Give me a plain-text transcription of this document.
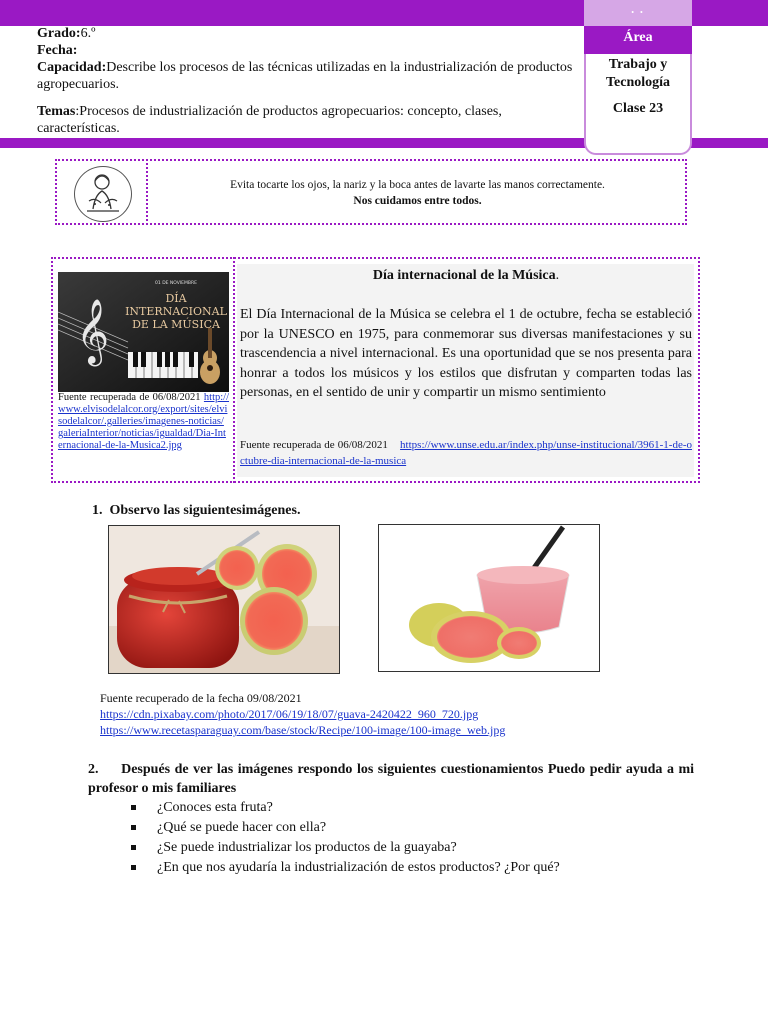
• •
Área
Trabajo y
Tecnología
Clase 23
Grado:6.º
Fecha:
Capacidad:Describe los procesos de las técnicas utilizadas en la industrialización de productos agropecuarios.
Temas:Procesos de industrialización de productos agropecuarios: concepto, clases, características.
Evita tocarte los ojos, la nariz y la boca antes de lavarte las manos correctamente.
Nos cuidamos entre todos.
𝄞
01 DE NOVIEMBRE
DÍA
INTERNACIONAL
DE LA MÚSICA
Fuente recuperada de 06/08/2021 http://www.elvisodelalcor.org/export/sites/elvisodelalcor/.galleries/imagenes-noticias/galeriaInterior/noticias/igualdad/Dia-Internacional-de-la-Musica2.jpg
Día internacional de la Música.
El Día Internacional de la Música se celebra el 1 de octubre, fecha se estableció por la UNESCO en 1975, para conmemorar sus diversas manifestaciones y su trascendencia a nivel internacional. Es una oportunidad que se nos presenta para honrar a todos los músicos y los estilos que disfrutan y comparten todas las personas, en el sentido de unir y compartir un mismo sentimiento
Fuente recuperada de 06/08/2021 https://www.unse.edu.ar/index.php/unse-institucional/3961-1-de-octubre-dia-internacional-de-la-musica
1. Observo las siguientesimágenes.
Fuente recuperado de la fecha 09/08/2021
https://cdn.pixabay.com/photo/2017/06/19/18/07/guava-2420422_960_720.jpg
https://www.recetasparaguay.com/base/stock/Recipe/100-image/100-image_web.jpg
2. Después de ver las imágenes respondo los siguientes cuestionamientos Puedo pedir ayuda a mi profesor o mis familiares
¿Conoces esta fruta?
¿Qué se puede hacer con ella?
¿Se puede industrializar los productos de la guayaba?
¿En que nos ayudaría la industrialización de estos productos? ¿Por qué?
